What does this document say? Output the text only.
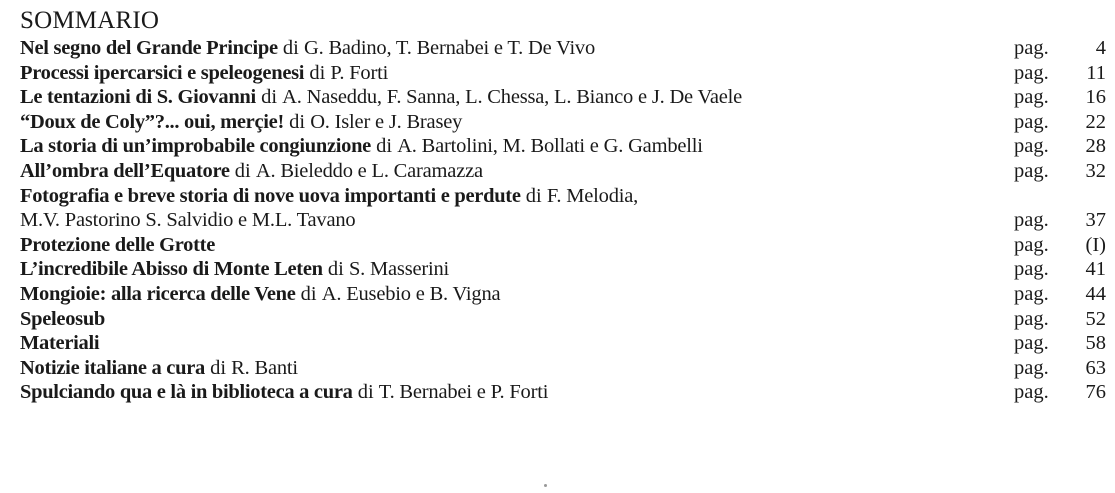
SOMMARIO
Nel segno del Grande Principe di G. Badino, T. Bernabei e T. De Vivo	pag.	4
Processi ipercarsici e speleogenesi di P. Forti	pag.	11
Le tentazioni di S. Giovanni di A. Naseddu, F. Sanna, L. Chessa, L. Bianco e J. De Vaele	pag.	16
“Doux de Coly”?... oui, merçie! di O. Isler e J. Brasey	pag.	22
La storia di un’improbabile congiunzione di A. Bartolini, M. Bollati e G. Gambelli	pag.	28
All’ombra dell’Equatore di A. Bieleddo e L. Caramazza	pag.	32
Fotografia e breve storia di nove uova importanti e perdute di F. Melodia,
M.V. Pastorino S. Salvidio e M.L. Tavano	pag.	37
Protezione delle Grotte	pag.	(I)
L’incredibile Abisso di Monte Leten di S. Masserini	pag.	41
Mongioie: alla ricerca delle Vene di A. Eusebio e B. Vigna	pag.	44
Speleosub	pag.	52
Materiali	pag.	58
Notizie italiane a cura di R. Banti	pag.	63
Spulciando qua e là in biblioteca a cura di T. Bernabei e P. Forti	pag.	76
